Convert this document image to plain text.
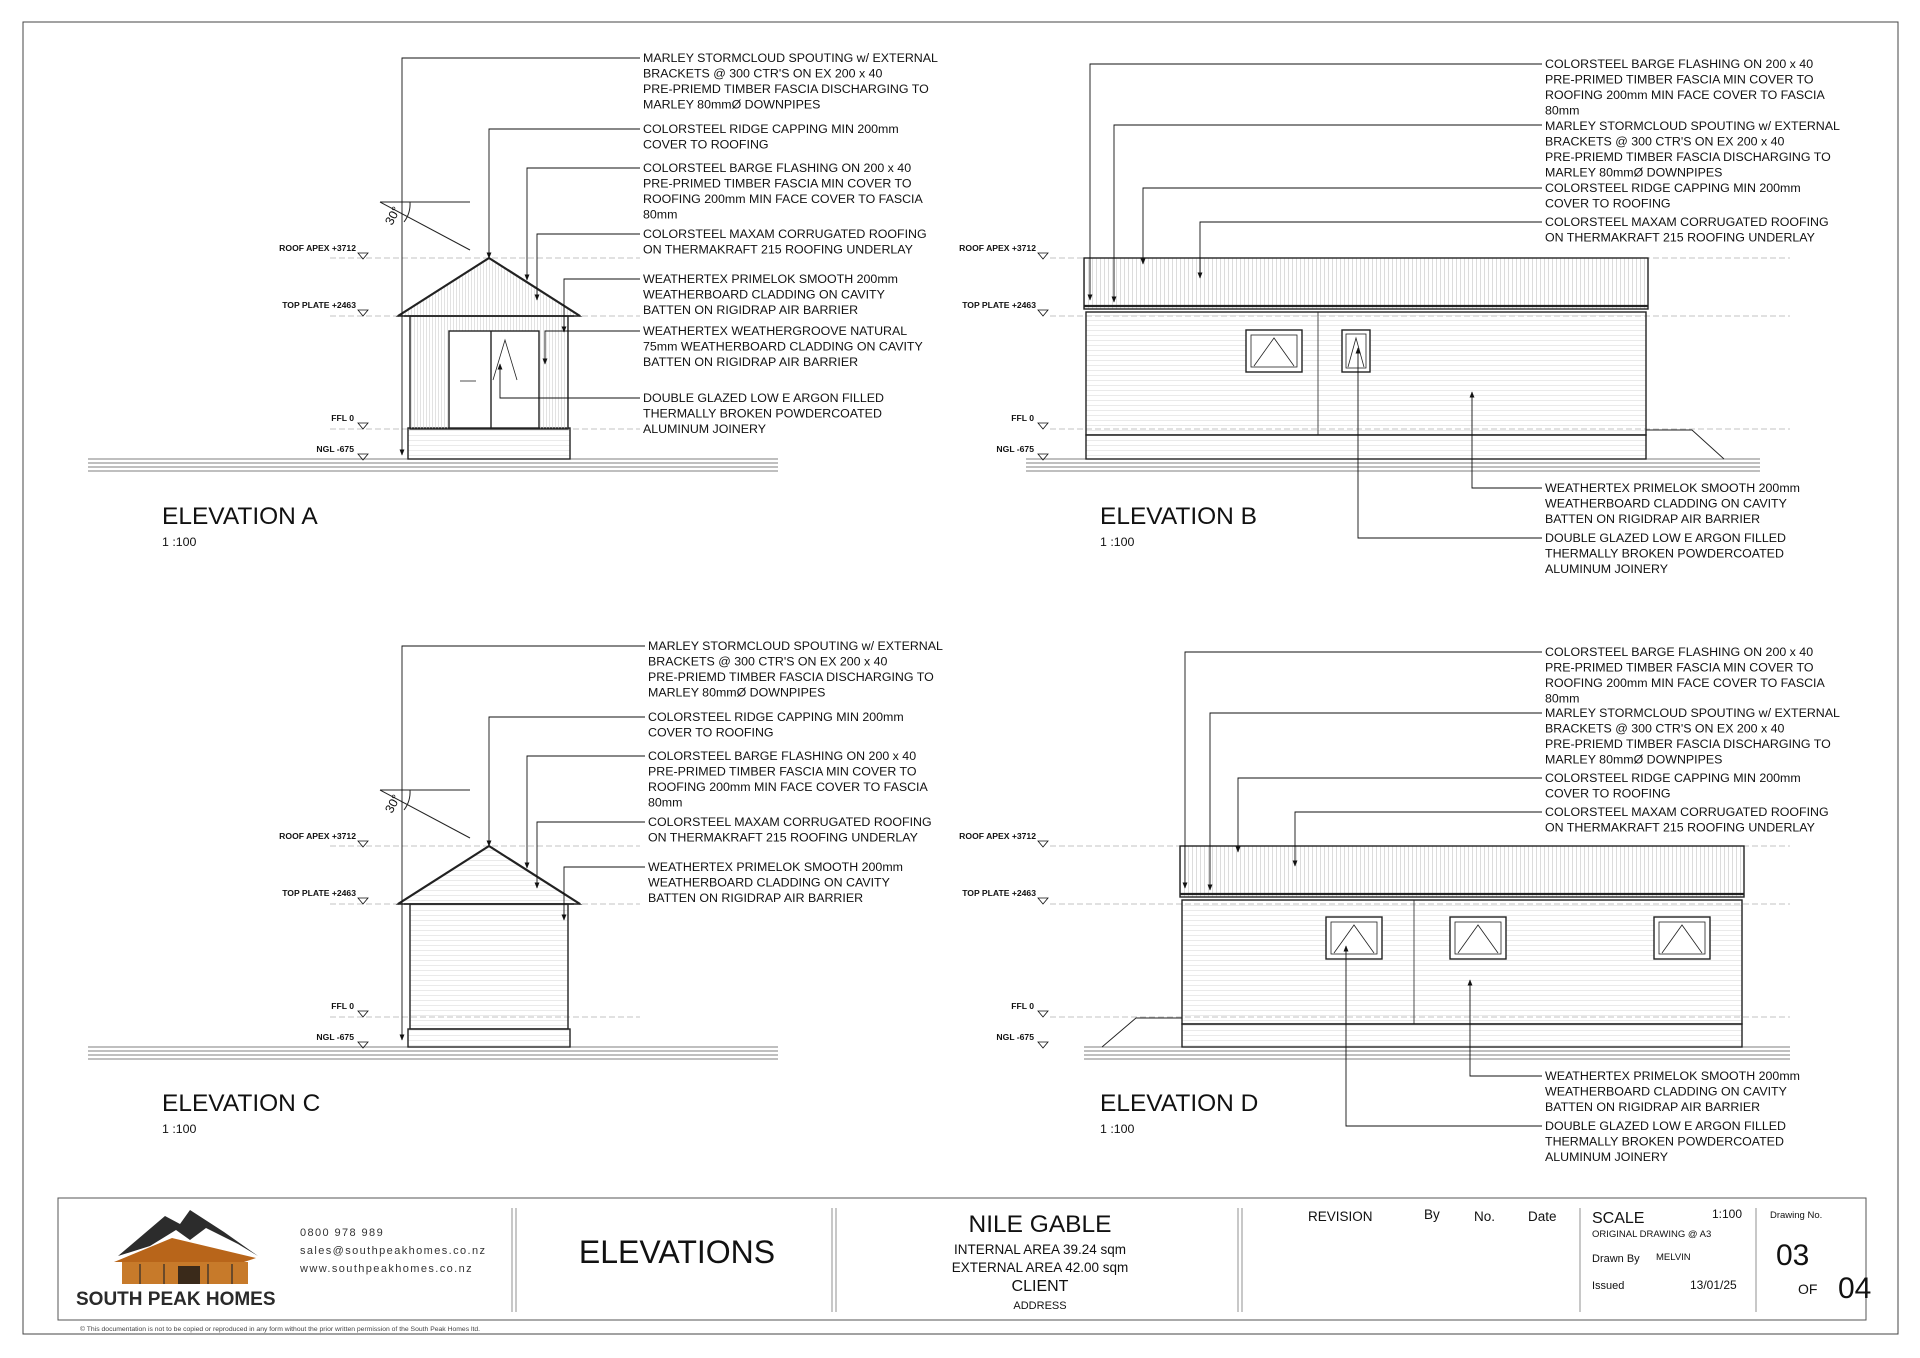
30°
ROOF APEX +3712
TOP PLATE +2463
FFL 0
NGL -675
MARLEY STORMCLOUD SPOUTING w/ EXTERNAL BRACKETS @ 300 CTR'S ON EX 200 x 40 PRE-PRIEMD TIMBER FASCIA DISCHARGING TO MARLEY 80mmØ DOWNPIPES
COLORSTEEL RIDGE CAPPING MIN 200mm COVER TO ROOFING
COLORSTEEL BARGE FLASHING ON 200 x 40 PRE-PRIMED TIMBER FASCIA MIN COVER TO ROOFING 200mm MIN FACE COVER TO FASCIA 80mm
COLORSTEEL MAXAM CORRUGATED ROOFING ON THERMAKRAFT 215 ROOFING UNDERLAY
WEATHERTEX PRIMELOK SMOOTH 200mm WEATHERBOARD CLADDING ON CAVITY BATTEN ON RIGIDRAP AIR BARRIER
WEATHERTEX WEATHERGROOVE NATURAL 75mm WEATHERBOARD CLADDING ON CAVITY BATTEN ON RIGIDRAP AIR BARRIER
DOUBLE GLAZED LOW E ARGON FILLED THERMALLY BROKEN POWDERCOATED ALUMINUM JOINERY
ELEVATION A
1 :100
ROOF APEX +3712
TOP PLATE +2463
FFL 0
NGL -675
COLORSTEEL BARGE FLASHING ON 200 x 40 PRE-PRIMED TIMBER FASCIA MIN COVER TO ROOFING 200mm MIN FACE COVER TO FASCIA 80mm
MARLEY STORMCLOUD SPOUTING w/ EXTERNAL BRACKETS @ 300 CTR'S ON EX 200 x 40 PRE-PRIEMD TIMBER FASCIA DISCHARGING TO MARLEY 80mmØ DOWNPIPES
COLORSTEEL RIDGE CAPPING MIN 200mm COVER TO ROOFING
COLORSTEEL MAXAM CORRUGATED ROOFING ON THERMAKRAFT 215 ROOFING UNDERLAY
WEATHERTEX PRIMELOK SMOOTH 200mm WEATHERBOARD CLADDING ON CAVITY BATTEN ON RIGIDRAP AIR BARRIER
DOUBLE GLAZED LOW E ARGON FILLED THERMALLY BROKEN POWDERCOATED ALUMINUM JOINERY
ELEVATION B
1 :100
30°
ROOF APEX +3712
TOP PLATE +2463
FFL 0
NGL -675
MARLEY STORMCLOUD SPOUTING w/ EXTERNAL BRACKETS @ 300 CTR'S ON EX 200 x 40 PRE-PRIEMD TIMBER FASCIA DISCHARGING TO MARLEY 80mmØ DOWNPIPES
COLORSTEEL RIDGE CAPPING MIN 200mm COVER TO ROOFING
COLORSTEEL BARGE FLASHING ON 200 x 40 PRE-PRIMED TIMBER FASCIA MIN COVER TO ROOFING 200mm MIN FACE COVER TO FASCIA 80mm
COLORSTEEL MAXAM CORRUGATED ROOFING ON THERMAKRAFT 215 ROOFING UNDERLAY
WEATHERTEX PRIMELOK SMOOTH 200mm WEATHERBOARD CLADDING ON CAVITY BATTEN ON RIGIDRAP AIR BARRIER
ELEVATION C
1 :100
ROOF APEX +3712
TOP PLATE +2463
FFL 0
NGL -675
COLORSTEEL BARGE FLASHING ON 200 x 40 PRE-PRIMED TIMBER FASCIA MIN COVER TO ROOFING 200mm MIN FACE COVER TO FASCIA 80mm
MARLEY STORMCLOUD SPOUTING w/ EXTERNAL BRACKETS @ 300 CTR'S ON EX 200 x 40 PRE-PRIEMD TIMBER FASCIA DISCHARGING TO MARLEY 80mmØ DOWNPIPES
COLORSTEEL RIDGE CAPPING MIN 200mm COVER TO ROOFING
COLORSTEEL MAXAM CORRUGATED ROOFING ON THERMAKRAFT 215 ROOFING UNDERLAY
WEATHERTEX PRIMELOK SMOOTH 200mm WEATHERBOARD CLADDING ON CAVITY BATTEN ON RIGIDRAP AIR BARRIER
DOUBLE GLAZED LOW E ARGON FILLED THERMALLY BROKEN POWDERCOATED ALUMINUM JOINERY
ELEVATION D
1 :100
SOUTH PEAK HOMES
0800 978 989
sales@southpeakhomes.co.nz
www.southpeakhomes.co.nz	ELEVATIONS
NILE GABLE
INTERNAL AREA 39.24 sqm
EXTERNAL AREA 42.00 sqm
CLIENT
ADDRESS
REVISION	By	No. Date SCALE	1:100
ORIGINAL DRAWING @ A3
Drawn By MELVIN
Issued	13/01/25
Drawing No.
03
OF 04
© This documentation is not to be copied or reproduced in any form without the prior written permission of the South Peak Homes ltd.
